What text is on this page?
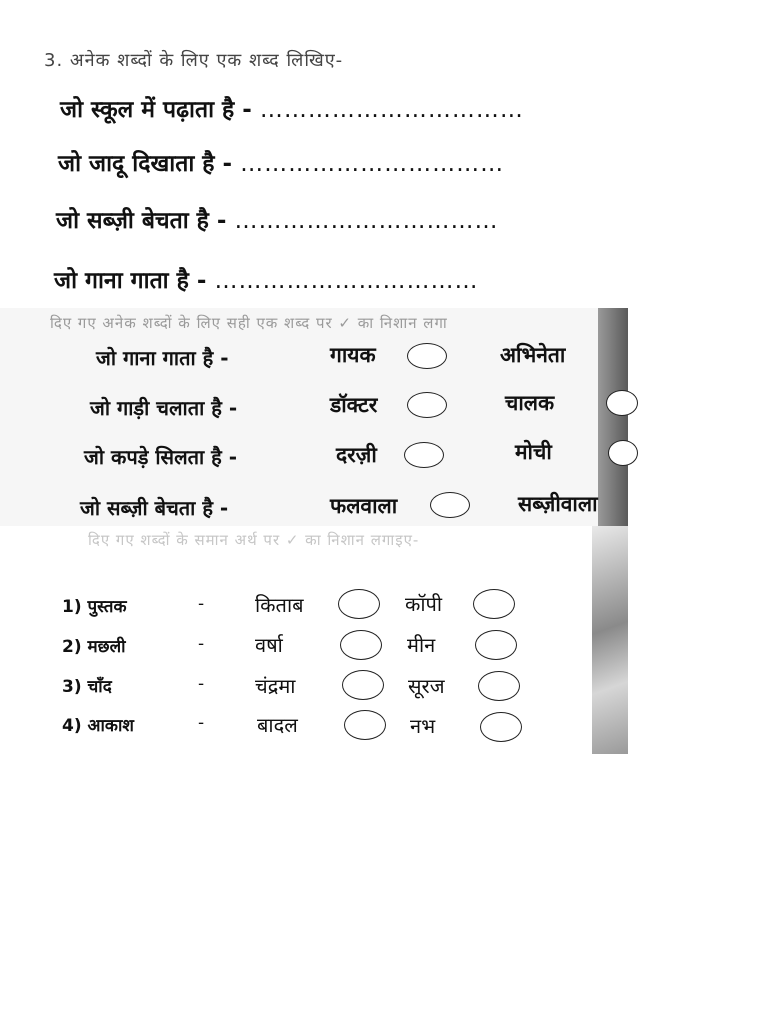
3. अनेक शब्दों के लिए एक शब्द लिखिए-
जो स्कूल में पढ़ाता है - ……………………………
जो जादू दिखाता है - ……………………………
जो सब्ज़ी बेचता है - ……………………………
जो गाना गाता है - ……………………………
दिए गए अनेक शब्दों के लिए सही एक शब्द पर ✓ का निशान लगा
जो गाना गाता है -	गायक	अभिनेता
जो गाड़ी चलाता है -	डॉक्टर	चालक
जो कपड़े सिलता है -	दरज़ी	मोची
जो सब्ज़ी बेचता है -	फलवाला	सब्ज़ीवाला
दिए गए शब्दों के समान अर्थ पर ✓ का निशान लगाइए-
1) पुस्तक	-	किताब	कॉपी
2) मछली	-	वर्षा	मीन
3) चाँद	-	चंद्रमा	सूरज
4) आकाश	-	बादल	नभ
